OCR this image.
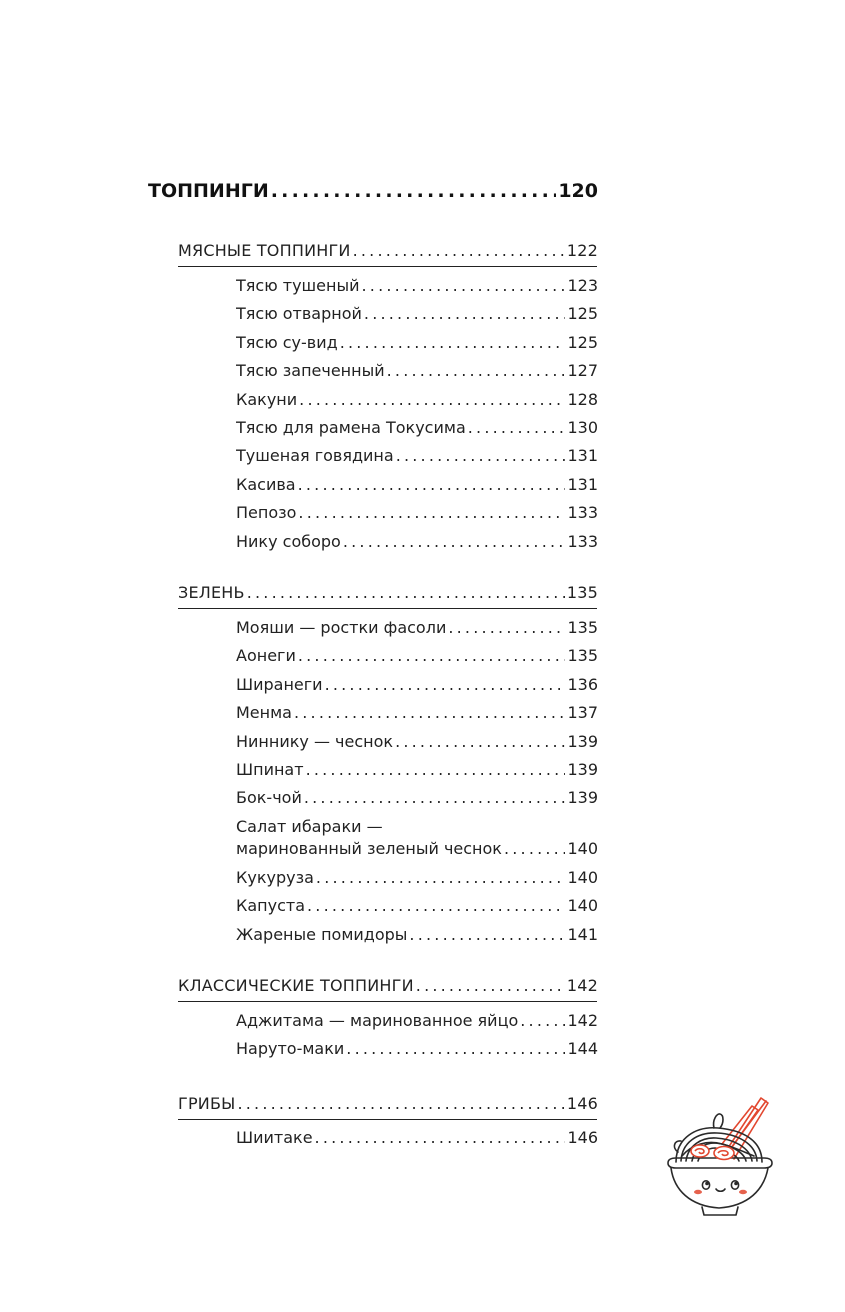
ТОППИНГИ .....	120
МЯСНЫЕ ТОППИНГИ .....	122
Тясю тушеный .....	123
Тясю отварной .....	125
Тясю су-вид .....	125
Тясю запеченный .....	127
Какуни .....	128
Тясю для рамена Токусима .....	130
Тушеная говядина .....	131
Касива .....	131
Пепозо .....	133
Нику соборо .....	133
ЗЕЛЕНЬ .....	135
Мояши — ростки фасоли .....	135
Аонеги .....	135
Ширанеги .....	136
Менма .....	137
Ниннику — чеснок .....	139
Шпинат .....	139
Бок-чой .....	139
Салат ибараки —
маринованный зеленый чеснок .....	140
Кукуруза .....	140
Капуста .....	140
Жареные помидоры .....	141
КЛАССИЧЕСКИЕ ТОППИНГИ .....	142
Аджитама — маринованное яйцо .....	142
Наруто-маки .....	144
ГРИБЫ .....	146
Шиитаке .....	146
